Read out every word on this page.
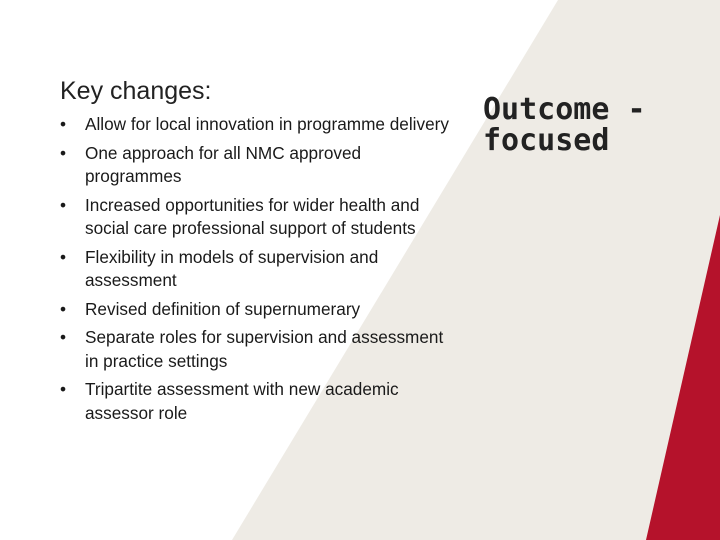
Key changes:
•	Allow for local innovation in programme delivery
•	One approach for all NMC approved programmes
•	Increased opportunities for wider health and social care professional support of students
•	Flexibility in models of supervision and assessment
•	Revised definition of supernumerary
•	Separate roles for supervision and assessment in practice settings
•	Tripartite assessment with new academic assessor role
Outcome -
focused
